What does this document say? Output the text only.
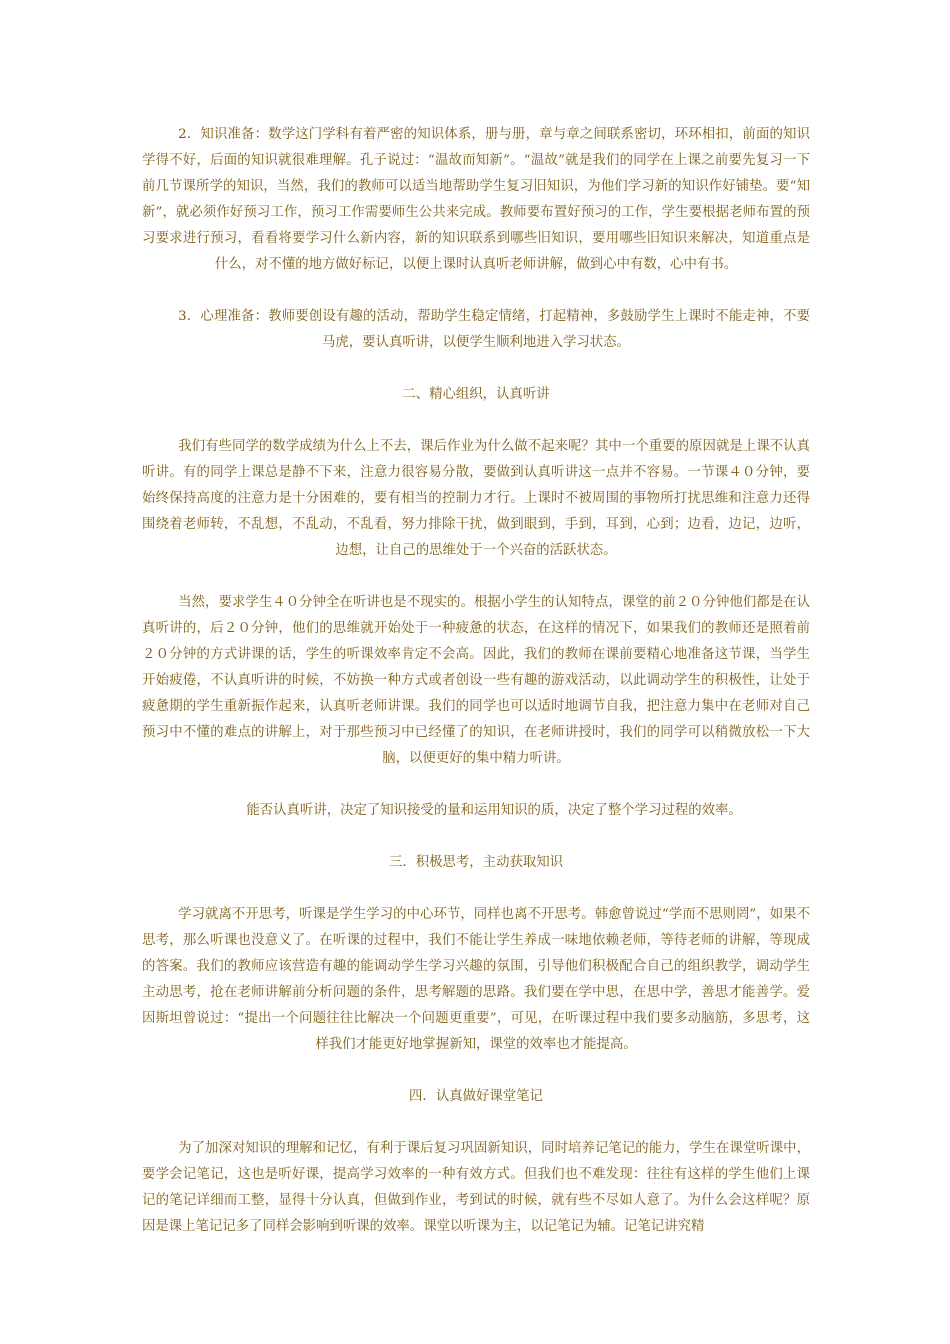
2．知识准备：数学这门学科有着严密的知识体系，册与册，章与章之间联系密切，环环相扣，前面的知识学得不好，后面的知识就很难理解。孔子说过：“温故而知新”。“温故”就是我们的同学在上课之前要先复习一下前几节课所学的知识，当然，我们的教师可以适当地帮助学生复习旧知识，为他们学习新的知识作好铺垫。要“知新”，就必须作好预习工作，预习工作需要师生公共来完成。教师要布置好预习的工作，学生要根据老师布置的预习要求进行预习，看看将要学习什么新内容，新的知识联系到哪些旧知识，要用哪些旧知识来解决，知道重点是什么，对不懂的地方做好标记，以便上课时认真听老师讲解，做到心中有数，心中有书。

3．心理准备：教师要创设有趣的活动，帮助学生稳定情绪，打起精神，多鼓励学生上课时不能走神，不要马虎，要认真听讲，以便学生顺利地进入学习状态。

二、精心组织，认真听讲

我们有些同学的数学成绩为什么上不去，课后作业为什么做不起来呢？其中一个重要的原因就是上课不认真听讲。有的同学上课总是静不下来，注意力很容易分散，要做到认真听讲这一点并不容易。一节课４０分钟，要始终保持高度的注意力是十分困难的，要有相当的控制力才行。上课时不被周围的事物所打扰思维和注意力还得围绕着老师转，不乱想，不乱动，不乱看，努力排除干扰，做到眼到，手到，耳到，心到；边看，边记，边听，边想，让自己的思维处于一个兴奋的活跃状态。

当然，要求学生４０分钟全在听讲也是不现实的。根据小学生的认知特点，课堂的前２０分钟他们都是在认真听讲的，后２０分钟，他们的思维就开始处于一种疲惫的状态，在这样的情况下，如果我们的教师还是照着前２０分钟的方式讲课的话，学生的听课效率肯定不会高。因此，我们的教师在课前要精心地准备这节课，当学生开始疲倦，不认真听讲的时候，不妨换一种方式或者创设一些有趣的游戏活动，以此调动学生的积极性，让处于疲惫期的学生重新振作起来，认真听老师讲课。我们的同学也可以适时地调节自我，把注意力集中在老师对自己预习中不懂的难点的讲解上，对于那些预习中已经懂了的知识，在老师讲授时，我们的同学可以稍微放松一下大脑，以便更好的集中精力听讲。

能否认真听讲，决定了知识接受的量和运用知识的质，决定了整个学习过程的效率。

三．积极思考，主动获取知识

学习就离不开思考，听课是学生学习的中心环节，同样也离不开思考。韩愈曾说过“学而不思则罔”，如果不思考，那么听课也没意义了。在听课的过程中，我们不能让学生养成一味地依赖老师，等待老师的讲解，等现成的答案。我们的教师应该营造有趣的能调动学生学习兴趣的氛围，引导他们积极配合自己的组织教学，调动学生主动思考，抢在老师讲解前分析问题的条件，思考解题的思路。我们要在学中思，在思中学，善思才能善学。爱因斯坦曾说过：“提出一个问题往往比解决一个问题更重要”，可见，在听课过程中我们要多动脑筋，多思考，这样我们才能更好地掌握新知，课堂的效率也才能提高。

四．认真做好课堂笔记

为了加深对知识的理解和记忆，有利于课后复习巩固新知识，同时培养记笔记的能力，学生在课堂听课中，要学会记笔记，这也是听好课，提高学习效率的一种有效方式。但我们也不难发现：往往有这样的学生他们上课记的笔记详细而工整，显得十分认真，但做到作业，考到试的时候，就有些不尽如人意了。为什么会这样呢？原因是课上笔记记多了同样会影响到听课的效率。课堂以听课为主，以记笔记为辅。记笔记讲究精
